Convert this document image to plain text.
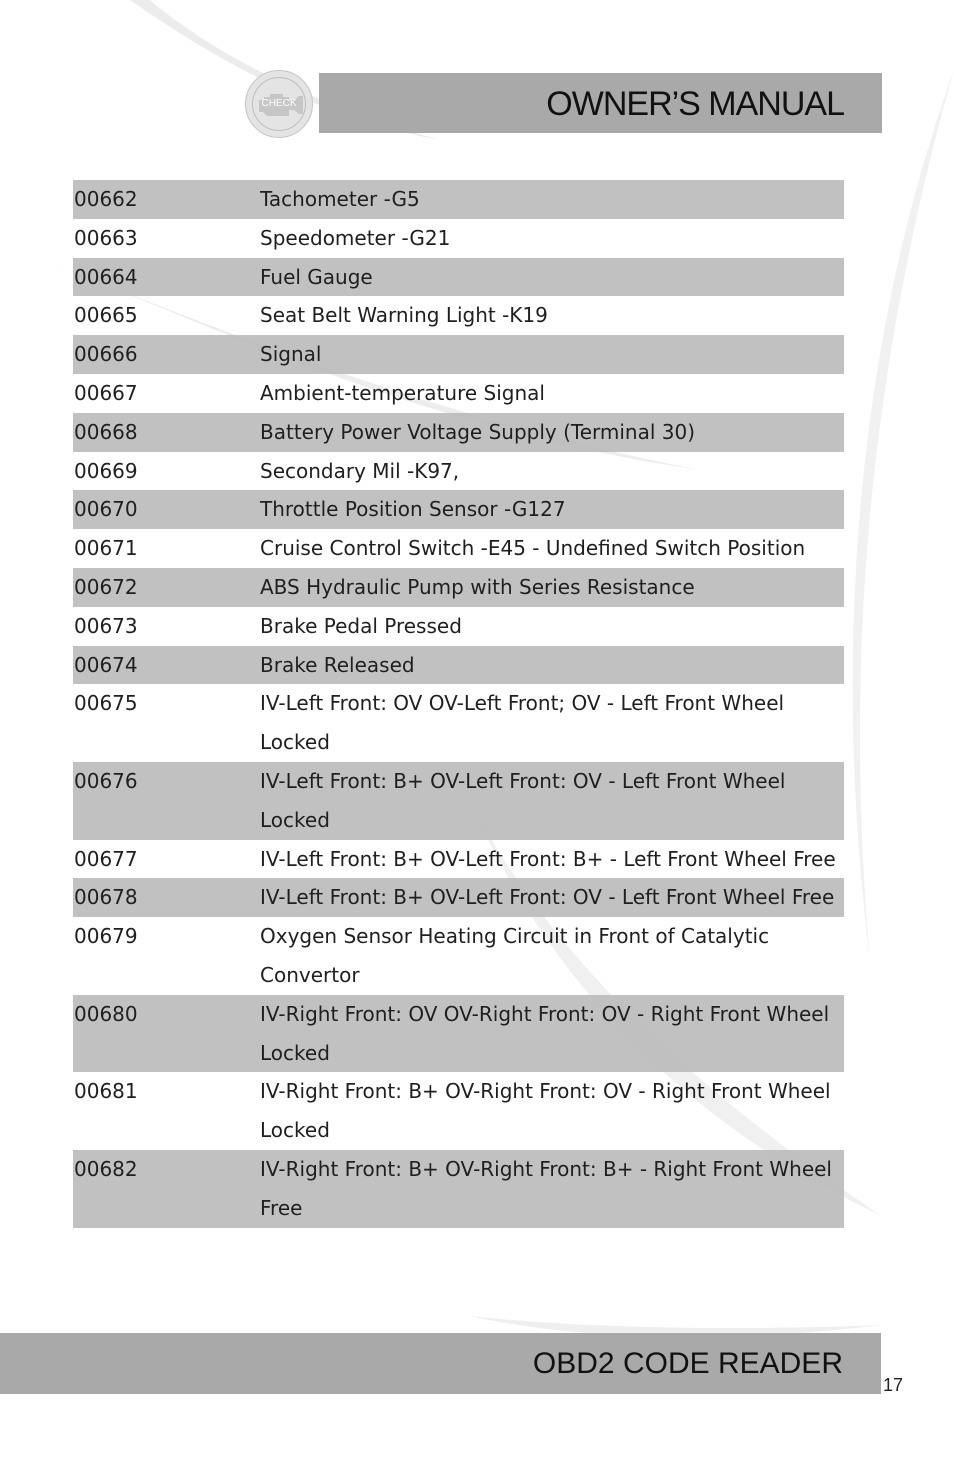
OWNER’S MANUAL
CHECK
00662	Tachometer -G5
00663	Speedometer -G21
00664	Fuel Gauge
00665	Seat Belt Warning Light -K19
00666	Signal
00667	Ambient-temperature Signal
00668	Battery Power Voltage Supply (Terminal 30)
00669	Secondary Mil -K97,
00670	Throttle Position Sensor -G127
00671	Cruise Control Switch -E45 - Undefined Switch Position
00672	ABS Hydraulic Pump with Series Resistance
00673	Brake Pedal Pressed
00674	Brake Released
00675	IV-Left Front: OV OV-Left Front; OV - Left Front Wheel Locked
00676	IV-Left Front: B+ OV-Left Front: OV - Left Front Wheel Locked
00677	IV-Left Front: B+ OV-Left Front: B+ - Left Front Wheel Free
00678	IV-Left Front: B+ OV-Left Front: OV - Left Front Wheel Free
00679	Oxygen Sensor Heating Circuit in Front of Catalytic Convertor
00680	IV-Right Front: OV OV-Right Front: OV - Right Front Wheel Locked
00681	IV-Right Front: B+ OV-Right Front: OV - Right Front Wheel Locked
00682	IV-Right Front: B+ OV-Right Front: B+ - Right Front Wheel Free
OBD2 CODE READER
17
